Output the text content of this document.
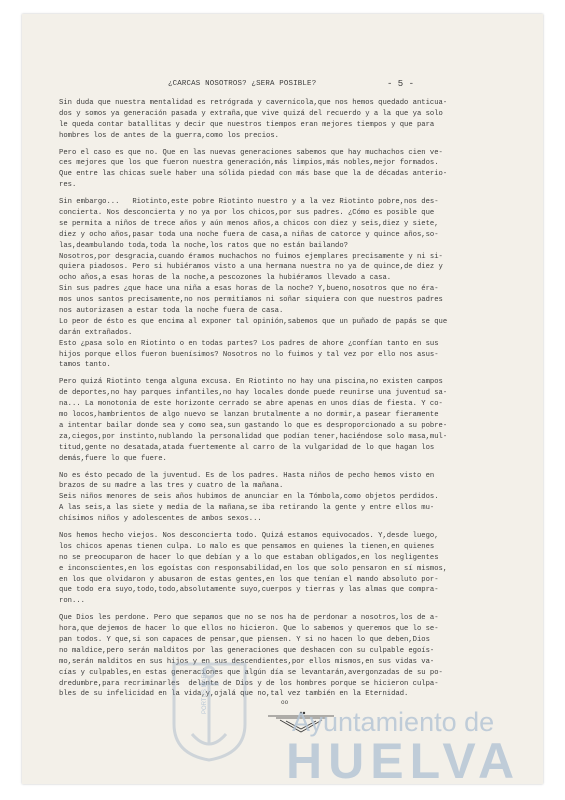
¿CARCAS NOSOTROS? ¿SERA POSIBLE?	- 5 -
Sin duda que nuestra mentalidad es retrógrada y cavernícola,que nos hemos quedado anticua-
dos y somos ya generación pasada y extraña,que vive quizá del recuerdo y a la que ya solo
le queda contar batallitas y decir que nuestros tiempos eran mejores tiempos y que para
hombres los de antes de la guerra,como los precios.
Pero el caso es que no. Que en las nuevas generaciones sabemos que hay muchachos cien ve-
ces mejores que los que fueron nuestra generación,más limpios,más nobles,mejor formados.
Que entre las chicas suele haber una sólida piedad con más base que la de décadas anterio-
res.
Sin embargo...   Riotinto,este pobre Riotinto nuestro y a la vez Riotinto pobre,nos des-
concierta. Nos desconcierta y no ya por los chicos,por sus padres. ¿Cómo es posible que
se permita a niños de trece años y aún menos años,a chicos con diez y seis,diez y siete,
diez y ocho años,pasar toda una noche fuera de casa,a niñas de catorce y quince años,so-
las,deambulando toda,toda la noche,los ratos que no están bailando?
Nosotros,por desgracia,cuando éramos muchachos no fuimos ejemplares precisamente y ni si-
quiera piadosos. Pero si hubiéramos visto a una hermana nuestra no ya de quince,de diez y
ocho años,a esas horas de la noche,a pescozones la hubiéramos llevado a casa.
Sin sus padres ¿que hace una niña a esas horas de la noche? Y,bueno,nosotros que no éra-
mos unos santos precisamente,no nos permitíamos ni soñar siquiera con que nuestros padres
nos autorizasen a estar toda la noche fuera de casa.
Lo peor de ésto es que encima al exponer tal opinión,sabemos que un puñado de papás se que
darán extrañados.
Esto ¿pasa solo en Riotinto o en todas partes? Los padres de ahore ¿confían tanto en sus
hijos porque ellos fueron buenísimos? Nosotros no lo fuimos y tal vez por ello nos asus-
tamos tanto.
Pero quizá Riotinto tenga alguna excusa. En Riotinto no hay una piscina,no existen campos
de deportes,no hay parques infantiles,no hay locales donde puede reunirse una juventud sa-
na... La monotonía de este horizonte cerrado se abre apenas en unos días de fiesta. Y co-
mo locos,hambrientos de algo nuevo se lanzan brutalmente a no dormir,a pasear fieramente
a intentar bailar donde sea y como sea,sun gastando lo que es desproporcionado a su pobre-
za,ciegos,por instinto,nublando la personalidad que podían tener,haciéndose solo masa,mul-
titud,gente no desatada,atada fuertemente al carro de la vulgaridad de lo que hagan los
demás,fuere lo que fuere.
No es ésto pecado de la juventud. Es de los padres. Hasta niños de pecho hemos visto en
brazos de su madre a las tres y cuatro de la mañana.
Seis niños menores de seis años hubimos de anunciar en la Tómbola,como objetos perdidos.
A las seis,a las siete y media de la mañana,se iba retirando la gente y entre ellos mu-
chísimos niños y adolescentes de ambos sexos...
Nos hemos hecho viejos. Nos desconcierta todo. Quizá estamos equivocados. Y,desde luego,
los chicos apenas tienen culpa. Lo malo es que pensamos en quienes la tienen,en quienes
no se preocuparon de hacer lo que debían y a lo que estaban obligados,en los negligentes
e inconscientes,en los egoístas con responsabilidad,en los que solo pensaron en sí mismos,
en los que olvidaron y abusaron de estas gentes,en los que tenían el mando absoluto por-
que todo era suyo,todo,todo,absolutamente suyo,cuerpos y tierras y las almas que compra-
ron...
Que Dios les perdone. Pero que sepamos que no se nos ha de perdonar a nosotros,los de a-
hora,que dejemos de hacer lo que ellos no hicieron. Que lo sabemos y queremos que lo se-
pan todos. Y que,si son capaces de pensar,que piensen. Y si no hacen lo que deben,Dios
no maldice,pero serán malditos por las generaciones que deshacen con su culpable egoís-
mo,serán malditos en sus hijos y en sus descendientes,por ellos mismos,en sus vidas va-
cías y culpables,en estas generaciones que algún día se levantarán,avergonzadas de su po-
dredumbre,para recriminarles  delante de Dios y de los hombres porque se hicieron culpa-
bles de su infelicidad en la vida,y,ojalá que no,tal vez también en la Eternidad.

oo

PORTUS MARIS
Ayuntamiento de
HUELVA
